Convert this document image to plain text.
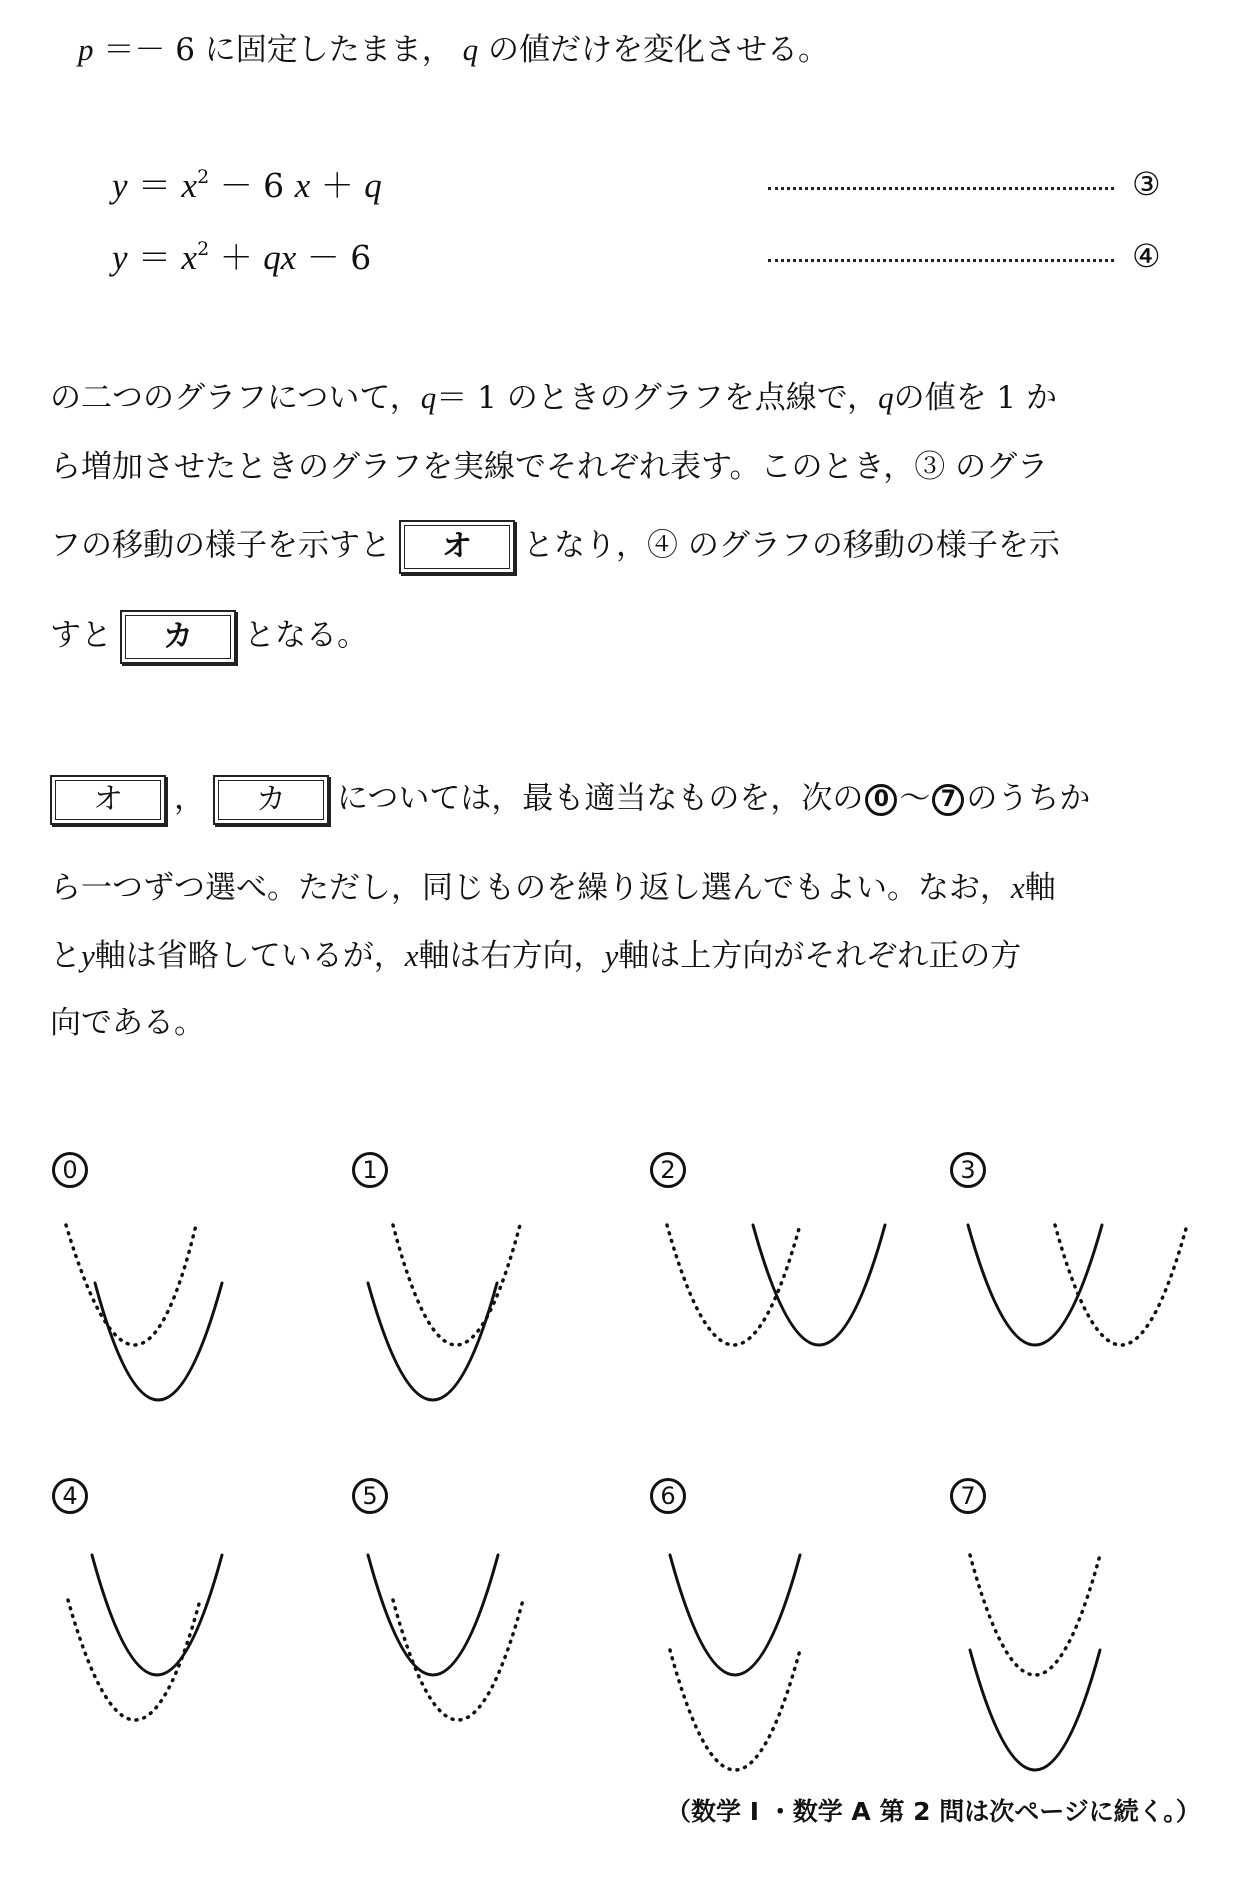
p ＝－ 6 に固定したまま， q の値だけを変化させる。
$y = x^2 - 6$ x ＋ q	③
$y = x^2$ ＋ qx － 6	④
の二つのグラフについて，q＝ 1 のときのグラフを点線で，qの値を 1 か
ら増加させたときのグラフを実線でそれぞれ表す。このとき，③ のグラ
フの移動の様子を示すと	オ	となり，④ のグラフの移動の様子を示
すと	カ	となる。
オ	，	カ	については，最も適当なものを，次の 0 ～ 7 のうちか
ら一つずつ選べ。ただし，同じものを繰り返し選んでもよい。なお，x軸
とy軸は省略しているが，x軸は右方向，y軸は上方向がそれぞれ正の方
向である。
0	1	2	3
4	5	6	7
（数学 I ・数学 A 第 2 問は次ページに続く。）
